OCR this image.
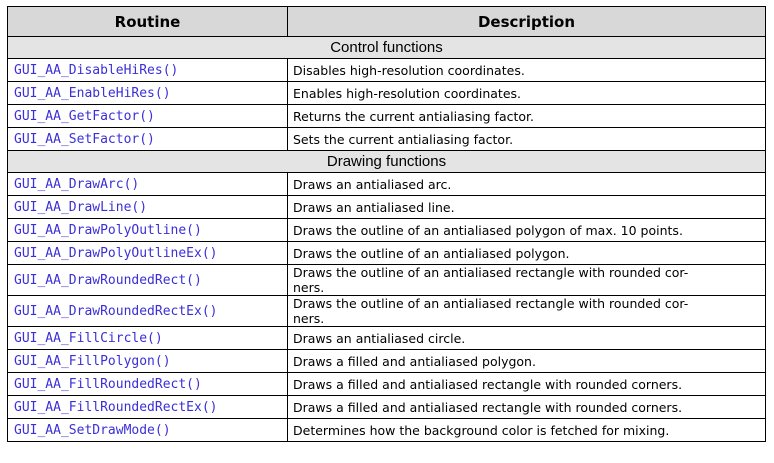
Routine	Description
Control functions	
GUI_AA_DisableHiRes()	Disables high-resolution coordinates.

GUI_AA_EnableHiRes()	Enables high-resolution coordinates.

GUI_AA_GetFactor()	Returns the current antialiasing factor.

GUI_AA_SetFactor()	Sets the current antialiasing factor.

Drawing functions	
GUI_AA_DrawArc()	Draws an antialiased arc.

GUI_AA_DrawLine()	Draws an antialiased line.

GUI_AA_DrawPolyOutline()	Draws the outline of an antialiased polygon of max. 10 points.

GUI_AA_DrawPolyOutlineEx()	Draws the outline of an antialiased polygon.

GUI_AA_DrawRoundedRect()	Draws the outline of an antialiased rectangle with rounded cor-
ners.

GUI_AA_DrawRoundedRectEx()	Draws the outline of an antialiased rectangle with rounded cor-
ners.

GUI_AA_FillCircle()	Draws an antialiased circle.

GUI_AA_FillPolygon()	Draws a filled and antialiased polygon.

GUI_AA_FillRoundedRect()	Draws a filled and antialiased rectangle with rounded corners.

GUI_AA_FillRoundedRectEx()	Draws a filled and antialiased rectangle with rounded corners.

GUI_AA_SetDrawMode()	Determines how the background color is fetched for mixing.
